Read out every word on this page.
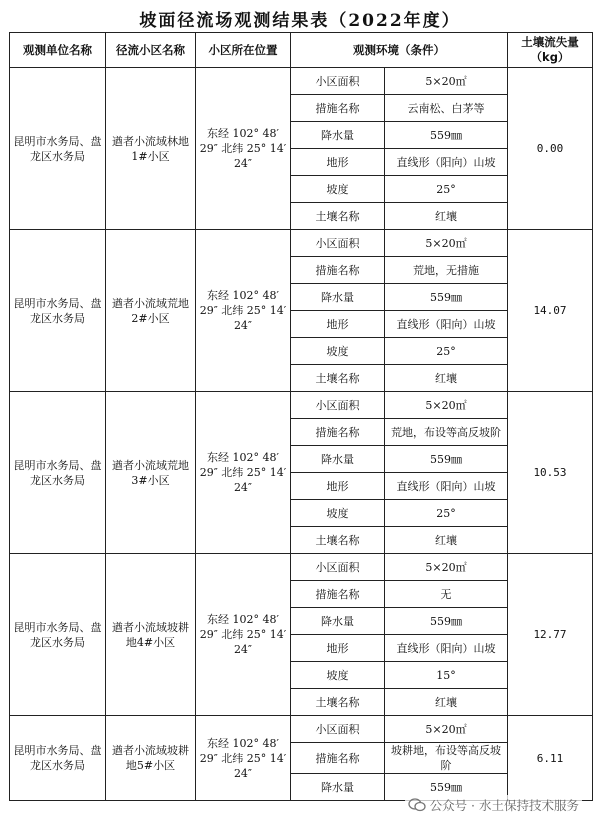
坡面径流场观测结果表（2022年度）
观测单位名称	径流小区名称	小区所在位置	观测环境（条件）		土壤流失量（kg）
昆明市水务局、盘龙区水务局	遒者小流域林地1#小区	东经 102° 48′ 29″ 北纬 25° 14′ 24″	小区面积	5×20㎡	0.00
			措施名称	云南松、白茅等	
			降水量	559㎜	
			地形	直线形（阳向）山坡	
			坡度	25°	
			土壤名称	红壤	
昆明市水务局、盘龙区水务局	遒者小流域荒地2#小区	东经 102° 48′ 29″ 北纬 25° 14′ 24″	小区面积	5×20㎡	14.07
			措施名称	荒地，无措施	
			降水量	559㎜	
			地形	直线形（阳向）山坡	
			坡度	25°	
			土壤名称	红壤	
昆明市水务局、盘龙区水务局	遒者小流域荒地3#小区	东经 102° 48′ 29″ 北纬 25° 14′ 24″	小区面积	5×20㎡	10.53
			措施名称	荒地，布设等高反坡阶	
			降水量	559㎜	
			地形	直线形（阳向）山坡	
			坡度	25°	
			土壤名称	红壤	
昆明市水务局、盘龙区水务局	遒者小流域坡耕地4#小区	东经 102° 48′ 29″ 北纬 25° 14′ 24″	小区面积	5×20㎡	12.77
			措施名称	无	
			降水量	559㎜	
			地形	直线形（阳向）山坡	
			坡度	15°	
			土壤名称	红壤	
昆明市水务局、盘龙区水务局	遒者小流域坡耕地5#小区	东经 102° 48′ 29″ 北纬 25° 14′ 24″	小区面积	5×20㎡	6.11
			措施名称	坡耕地，布设等高反坡阶	
			降水量	559㎜	
公众号 · 水土保持技术服务
